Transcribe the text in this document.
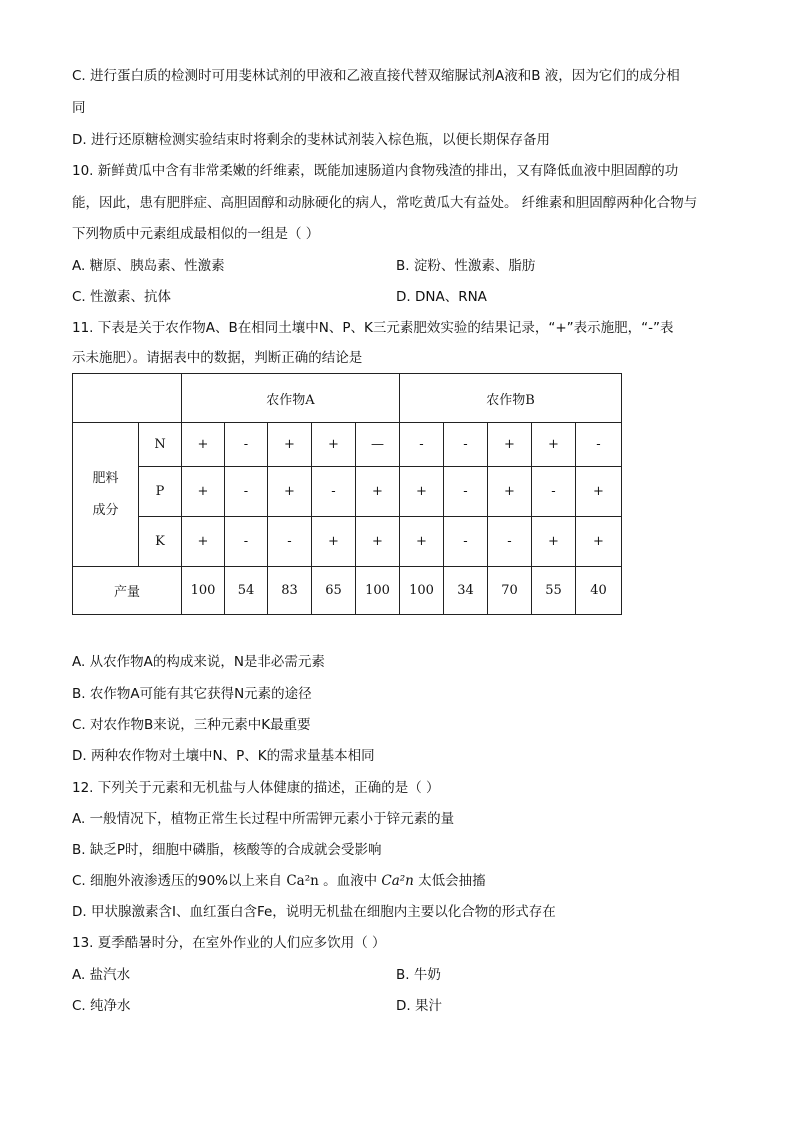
C. 进行蛋白质的检测时可用斐林试剂的甲液和乙液直接代替双缩脲试剂A液和B 液，因为它们的成分相
同
D. 进行还原糖检测实验结束时将剩余的斐林试剂装入棕色瓶，以便长期保存备用
10. 新鲜黄瓜中含有非常柔嫩的纤维素，既能加速肠道内食物残渣的排出，又有降低血液中胆固醇的功
能，因此，患有肥胖症、高胆固醇和动脉硬化的病人，常吃黄瓜大有益处。 纤维素和胆固醇两种化合物与
下列物质中元素组成最相似的一组是（ ）
A. 糖原、胰岛素、性激素	B. 淀粉、性激素、脂肪
C. 性激素、抗体	D. DNA、RNA
11. 下表是关于农作物A、B在相同土壤中N、P、K三元素肥效实验的结果记录，“+”表示施肥，“-”表
示未施肥）。请据表中的数据，判断正确的结论是
		农作物A					农作物B				
肥料
成分	N	+	-	+	+	—	-	-	+	+	-
	P	+	-	+	-	+	+	-	+	-	+
	K	+	-	-	+	+	+	-	-	+	+
产量		100	54	83	65	100	100	34	70	55	40
A. 从农作物A的构成来说，N是非必需元素
B. 农作物A可能有其它获得N元素的途径
C. 对农作物B来说，三种元素中K最重要
D. 两种农作物对土壤中N、P、K的需求量基本相同
12. 下列关于元素和无机盐与人体健康的描述，正确的是（ ）
A. 一般情况下，植物正常生长过程中所需钾元素小于锌元素的量
B. 缺乏P时，细胞中磷脂，核酸等的合成就会受影响
C. 细胞外液渗透压的90%以上来自 Ca²n 。血液中 Ca²n 太低会抽搐
D. 甲状腺激素含I、血红蛋白含Fe，说明无机盐在细胞内主要以化合物的形式存在
13. 夏季酷暑时分，在室外作业的人们应多饮用（ ）
A. 盐汽水	B. 牛奶
C. 纯净水	D. 果汁
